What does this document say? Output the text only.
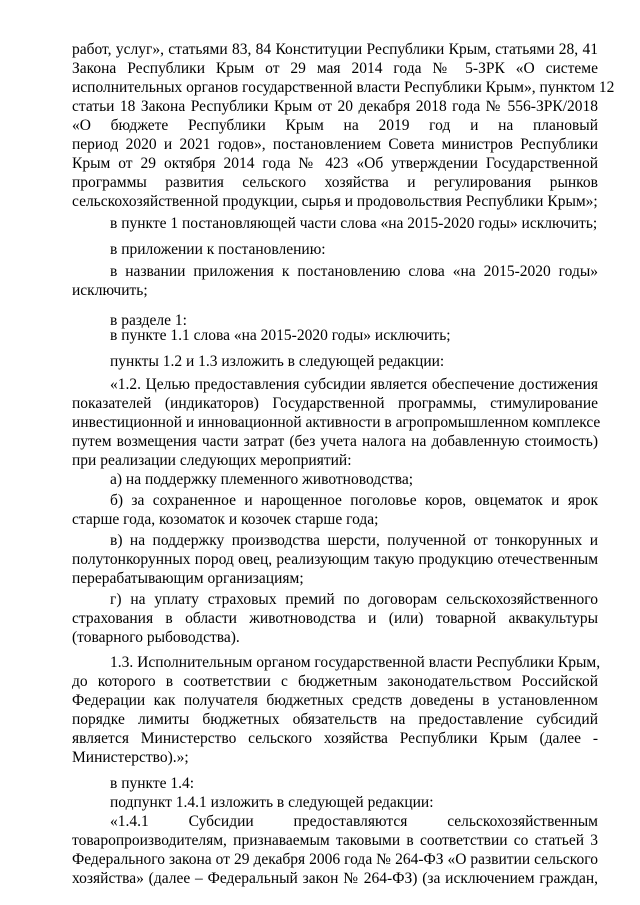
работ, услуг», статьями 83, 84 Конституции Республики Крым, статьями 28, 41

Закона Республики Крым от 29 мая 2014 года № 5-ЗРК «О системе

исполнительных органов государственной власти Республики Крым», пунктом 12

статьи 18 Закона Республики Крым от 20 декабря 2018 года № 556-ЗРК/2018

«О бюджете Республики Крым на 2019 год и на плановый

период 2020 и 2021 годов», постановлением Совета министров Республики

Крым от 29 октября 2014 года № 423 «Об утверждении Государственной

программы развития сельского хозяйства и регулирования рынков

сельскохозяйственной продукции, сырья и продовольствия Республики Крым»;

в пункте 1 постановляющей части слова «на 2015-2020 годы» исключить;

в приложении к постановлению:

в названии приложения к постановлению слова «на 2015-2020 годы»

исключить;

в разделе 1:

в пункте 1.1 слова «на 2015-2020 годы» исключить;

пункты 1.2 и 1.3 изложить в следующей редакции:

«1.2. Целью предоставления субсидии является обеспечение достижения

показателей (индикаторов) Государственной программы, стимулирование

инвестиционной и инновационной активности в агропромышленном комплексе

путем возмещения части затрат (без учета налога на добавленную стоимость)

при реализации следующих мероприятий:

а) на поддержку племенного животноводства;

б) за сохраненное и нарощенное поголовье коров, овцематок и ярок

старше года, козоматок и козочек старше года;

в) на поддержку производства шерсти, полученной от тонкорунных и

полутонкорунных пород овец, реализующим такую продукцию отечественным

перерабатывающим организациям;

г) на уплату страховых премий по договорам сельскохозяйственного

страхования в области животноводства и (или) товарной аквакультуры

(товарного рыбоводства).

1.3. Исполнительным органом государственной власти Республики Крым,

до которого в соответствии с бюджетным законодательством Российской

Федерации как получателя бюджетных средств доведены в установленном

порядке лимиты бюджетных обязательств на предоставление субсидий

является Министерство сельского хозяйства Республики Крым (далее -

Министерство).»;

в пункте 1.4:

подпункт 1.4.1 изложить в следующей редакции:

«1.4.1 Субсидии предоставляются сельскохозяйственным

товаропроизводителям, признаваемым таковыми в соответствии со статьей 3

Федерального закона от 29 декабря 2006 года № 264-ФЗ «О развитии сельского

хозяйства» (далее – Федеральный закон № 264-ФЗ) (за исключением граждан,
